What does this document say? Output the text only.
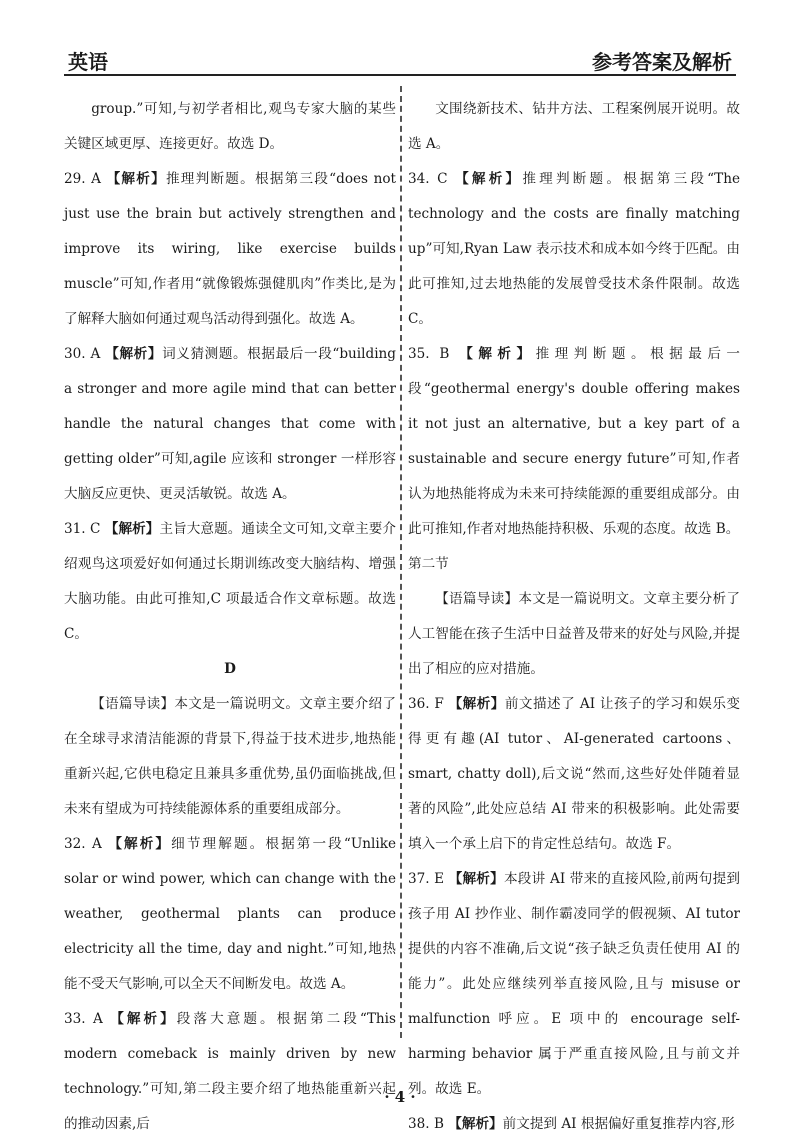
英语	参考答案及解析

group.”可知,与初学者相比,观鸟专家大脑的某些关键区域更厚、连接更好。故选 D。

29. A 【解析】推理判断题。根据第三段“does not just use the brain but actively strengthen and improve its wiring, like exercise builds muscle”可知,作者用“就像锻炼强健肌肉”作类比,是为了解释大脑如何通过观鸟活动得到强化。故选 A。

30. A 【解析】词义猜测题。根据最后一段“building a stronger and more agile mind that can better handle the natural changes that come with getting older”可知,agile 应该和 stronger 一样形容大脑反应更快、更灵活敏锐。故选 A。

31. C 【解析】主旨大意题。通读全文可知,文章主要介绍观鸟这项爱好如何通过长期训练改变大脑结构、增强大脑功能。由此可推知,C 项最适合作文章标题。故选 C。

D

【语篇导读】本文是一篇说明文。文章主要介绍了在全球寻求清洁能源的背景下,得益于技术进步,地热能重新兴起,它供电稳定且兼具多重优势,虽仍面临挑战,但未来有望成为可持续能源体系的重要组成部分。

32. A 【解析】细节理解题。根据第一段“Unlike solar or wind power, which can change with the weather, geothermal plants can produce electricity all the time, day and night.”可知,地热能不受天气影响,可以全天不间断发电。故选 A。

33. A 【解析】段落大意题。根据第二段“This modern comeback is mainly driven by new technology.”可知,第二段主要介绍了地热能重新兴起的推动因素,后

文围绕新技术、钻井方法、工程案例展开说明。故选 A。

34. C 【解析】推理判断题。根据第三段“The technology and the costs are finally matching up”可知,Ryan Law 表示技术和成本如今终于匹配。由此可推知,过去地热能的发展曾受技术条件限制。故选 C。

35. B 【解析】推理判断题。根据最后一段“geothermal energy's double offering makes it not just an alternative, but a key part of a sustainable and secure energy future”可知,作者认为地热能将成为未来可持续能源的重要组成部分。由此可推知,作者对地热能持积极、乐观的态度。故选 B。

第二节

【语篇导读】本文是一篇说明文。文章主要分析了人工智能在孩子生活中日益普及带来的好处与风险,并提出了相应的应对措施。

36. F 【解析】前文描述了 AI 让孩子的学习和娱乐变得更有趣(AI tutor、AI-generated cartoons、smart, chatty doll),后文说“然而,这些好处伴随着显著的风险”,此处应总结 AI 带来的积极影响。此处需要填入一个承上启下的肯定性总结句。故选 F。

37. E 【解析】本段讲 AI 带来的直接风险,前两句提到孩子用 AI 抄作业、制作霸凌同学的假视频、AI tutor 提供的内容不准确,后文说“孩子缺乏负责任使用 AI 的能力”。此处应继续列举直接风险,且与 misuse or malfunction 呼应。E 项中的 encourage self-harming behavior 属于严重直接风险,且与前文并列。故选 E。

38. B 【解析】前文提到 AI 根据偏好重复推荐内容,形

· 4 ·
